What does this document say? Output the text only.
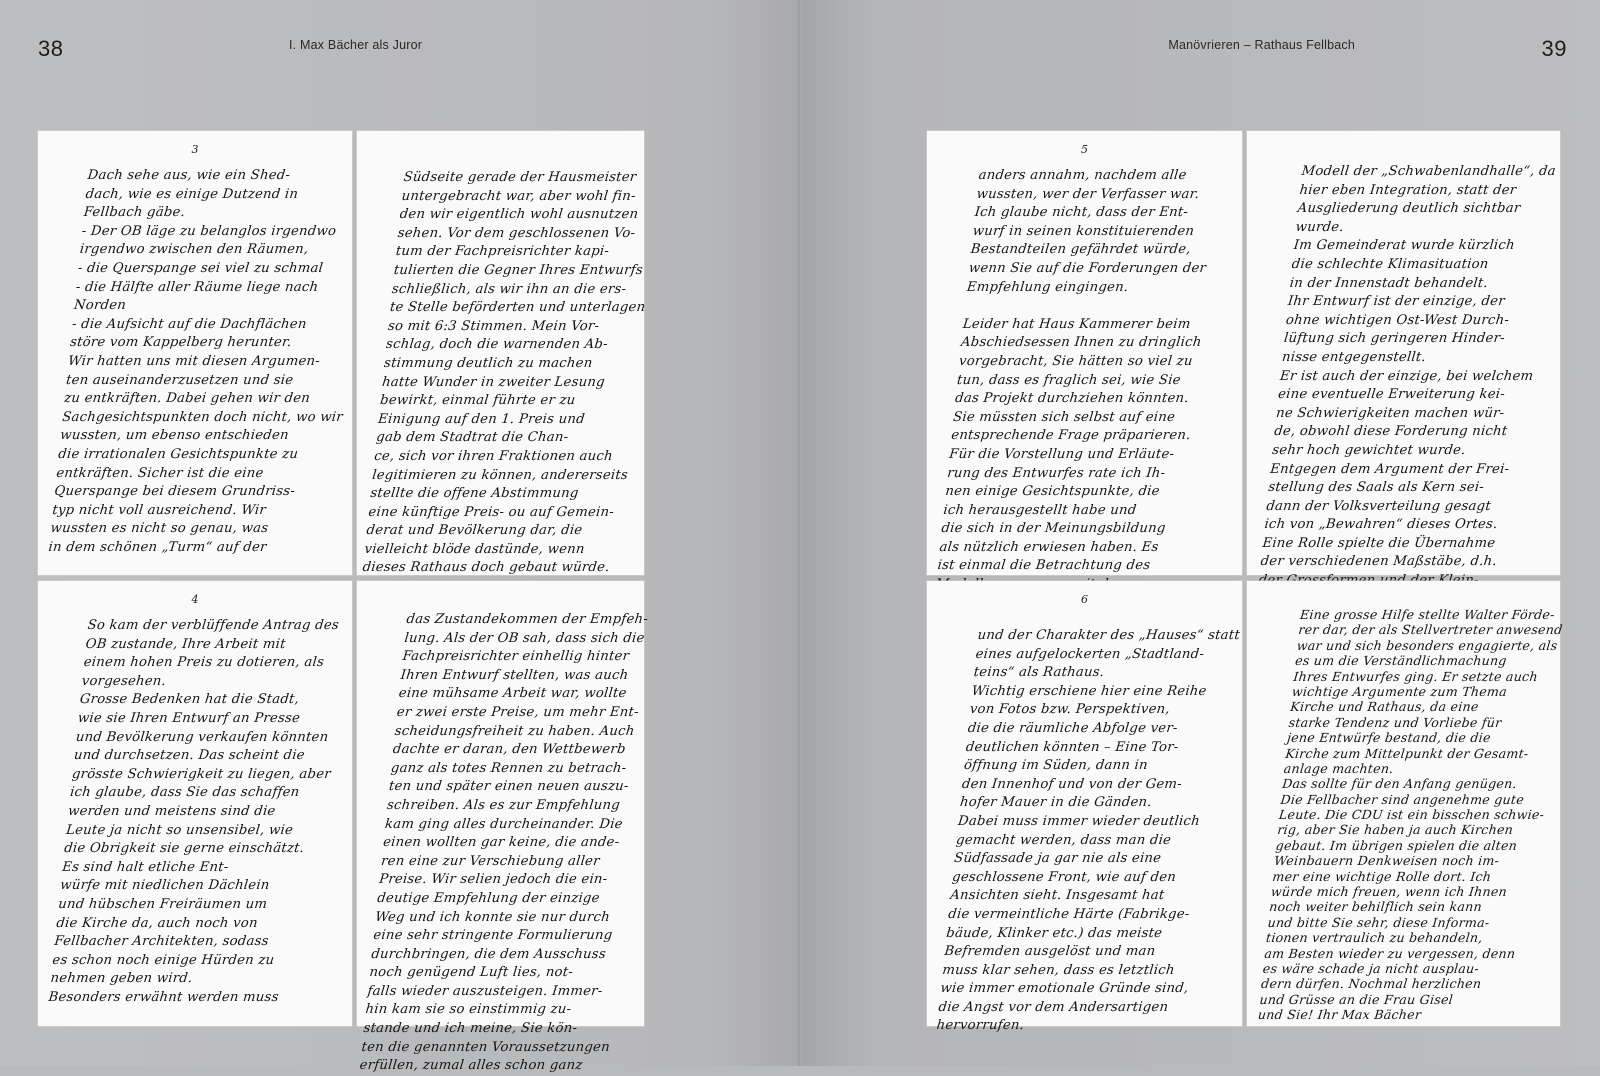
38	I. Max Bächer als Juror	39
Manövrieren – Rathaus Fellbach
3
Dach sehe aus, wie ein Shed-
dach, wie es einige Dutzend in
Fellbach gäbe.
- Der OB läge zu belanglos irgendwo
irgendwo zwischen den Räumen,
- die Querspange sei viel zu schmal
- die Hälfte aller Räume liege nach
Norden
- die Aufsicht auf die Dachflächen
störe vom Kappelberg herunter.
Wir hatten uns mit diesen Argumen-
ten auseinanderzusetzen und sie
zu entkräften. Dabei gehen wir den
Sachgesichtspunkten doch nicht, wo wir
wussten, um ebenso entschieden
die irrationalen Gesichtspunkte zu
entkräften. Sicher ist die eine
Querspange bei diesem Grundriss-
typ nicht voll ausreichend. Wir
wussten es nicht so genau, was
in dem schönen „Turm“ auf der
Südseite gerade der Hausmeister
untergebracht war, aber wohl fin-
den wir eigentlich wohl ausnutzen
sehen. Vor dem geschlossenen Vo-
tum der Fachpreisrichter kapi-
tulierten die Gegner Ihres Entwurfs
schließlich, als wir ihn an die ers-
te Stelle beförderten und unterlagen
so mit 6:3 Stimmen. Mein Vor-
schlag, doch die warnenden Ab-
stimmung deutlich zu machen
hatte Wunder in zweiter Lesung
bewirkt, einmal führte er zu
Einigung auf den 1. Preis und
gab dem Stadtrat die Chan-
ce, sich vor ihren Fraktionen auch
legitimieren zu können, andererseits
stellte die offene Abstimmung
eine künftige Preis- ou auf Gemein-
derat und Bevölkerung dar, die
vielleicht blöde dastünde, wenn
dieses Rathaus doch gebaut würde.
4
So kam der verblüffende Antrag des
OB zustande, Ihre Arbeit mit
einem hohen Preis zu dotieren, als
vorgesehen.
Grosse Bedenken hat die Stadt,
wie sie Ihren Entwurf an Presse
und Bevölkerung verkaufen könnten
und durchsetzen. Das scheint die
grösste Schwierigkeit zu liegen, aber
ich glaube, dass Sie das schaffen
werden und meistens sind die
Leute ja nicht so unsensibel, wie
die Obrigkeit sie gerne einschätzt.
Es sind halt etliche Ent-
würfe mit niedlichen Dächlein
und hübschen Freiräumen um
die Kirche da, auch noch von
Fellbacher Architekten, sodass
es schon noch einige Hürden zu
nehmen geben wird.
Besonders erwähnt werden muss
das Zustandekommen der Empfeh-
lung. Als der OB sah, dass sich die
Fachpreisrichter einhellig hinter
Ihren Entwurf stellten, was auch
eine mühsame Arbeit war, wollte
er zwei erste Preise, um mehr Ent-
scheidungsfreiheit zu haben. Auch
dachte er daran, den Wettbewerb
ganz als totes Rennen zu betrach-
ten und später einen neuen auszu-
schreiben. Als es zur Empfehlung
kam ging alles durcheinander. Die
einen wollten gar keine, die ande-
ren eine zur Verschiebung aller
Preise. Wir selien jedoch die ein-
deutige Empfehlung der einzige
Weg und ich konnte sie nur durch
eine sehr stringente Formulierung
durchbringen, die dem Ausschuss
noch genügend Luft lies, not-
falls wieder auszusteigen. Immer-
hin kam sie so einstimmig zu-
stande und ich meine, Sie kön-
ten die genannten Voraussetzungen
erfüllen, zumal alles schon ganz
5
anders annahm, nachdem alle
wussten, wer der Verfasser war.
Ich glaube nicht, dass der Ent-
wurf in seinen konstituierenden
Bestandteilen gefährdet würde,
wenn Sie auf die Forderungen der
Empfehlung eingingen.

Leider hat Haus Kammerer beim
Abschiedsessen Ihnen zu dringlich
vorgebracht, Sie hätten so viel zu
tun, dass es fraglich sei, wie Sie
das Projekt durchziehen könnten.
Sie müssten sich selbst auf eine
entsprechende Frage präparieren.
Für die Vorstellung und Erläute-
rung des Entwurfes rate ich Ih-
nen einige Gesichtspunkte, die
ich herausgestellt habe und
die sich in der Meinungsbildung
als nützlich erwiesen haben. Es
ist einmal die Betrachtung des
Modell der „Schwabenlandhalle“, da
hier eben Integration, statt der
Ausgliederung deutlich sichtbar
wurde.
Im Gemeinderat wurde kürzlich
die schlechte Klimasituation
in der Innenstadt behandelt.
Ihr Entwurf ist der einzige, der
ohne wichtigen Ost-West Durch-
lüftung sich geringeren Hinder-
nisse entgegenstellt.
Er ist auch der einzige, bei welchem
eine eventuelle Erweiterung kei-
ne Schwierigkeiten machen wür-
de, obwohl diese Forderung nicht
sehr hoch gewichtet wurde.
Entgegen dem Argument der Frei-
stellung des Saals als Kern sei-
dann der Volksverteilung gesagt
ich von „Bewahren“ dieses Ortes.
Eine Rolle spielte die Übernahme
der verschiedenen Maßstäbe, d.h.
6
und der Charakter des „Hauses“ statt
eines aufgelockerten „Stadtland-
teins“ als Rathaus.
Wichtig erschiene hier eine Reihe
von Fotos bzw. Perspektiven,
die die räumliche Abfolge ver-
deutlichen könnten – Eine Tor-
öffnung im Süden, dann in
den Innenhof und von der Gem-
hofer Mauer in die Gänden.
Dabei muss immer wieder deutlich
gemacht werden, dass man die
Südfassade ja gar nie als eine
geschlossene Front, wie auf den
Ansichten sieht. Insgesamt hat
die vermeintliche Härte (Fabrikge-
bäude, Klinker etc.) das meiste
Befremden ausgelöst und man
muss klar sehen, dass es letztlich
wie immer emotionale Gründe sind,
die Angst vor dem Andersartigen
hervorrufen.
Eine grosse Hilfe stellte Walter Förde-
rer dar, der als Stellvertreter anwesend
war und sich besonders engagierte, als
es um die Verständlichmachung
Ihres Entwurfes ging. Er setzte auch
wichtige Argumente zum Thema
Kirche und Rathaus, da eine
starke Tendenz und Vorliebe für
jene Entwürfe bestand, die die
Kirche zum Mittelpunkt der Gesamt-
anlage machten.
Das sollte für den Anfang genügen.
Die Fellbacher sind angenehme gute
Leute. Die CDU ist ein bisschen schwie-
rig, aber Sie haben ja auch Kirchen
gebaut. Im übrigen spielen die alten
Weinbauern Denkweisen noch im-
mer eine wichtige Rolle dort. Ich
würde mich freuen, wenn ich Ihnen
noch weiter behilflich sein kann
und bitte Sie sehr, diese Informa-
tionen vertraulich zu behandeln,
am Besten wieder zu vergessen, denn
es wäre schade ja nicht ausplau-
dern dürfen. Nochmal herzlichen
und Grüsse an die Frau Gisel
und Sie! Ihr Max Bächer
